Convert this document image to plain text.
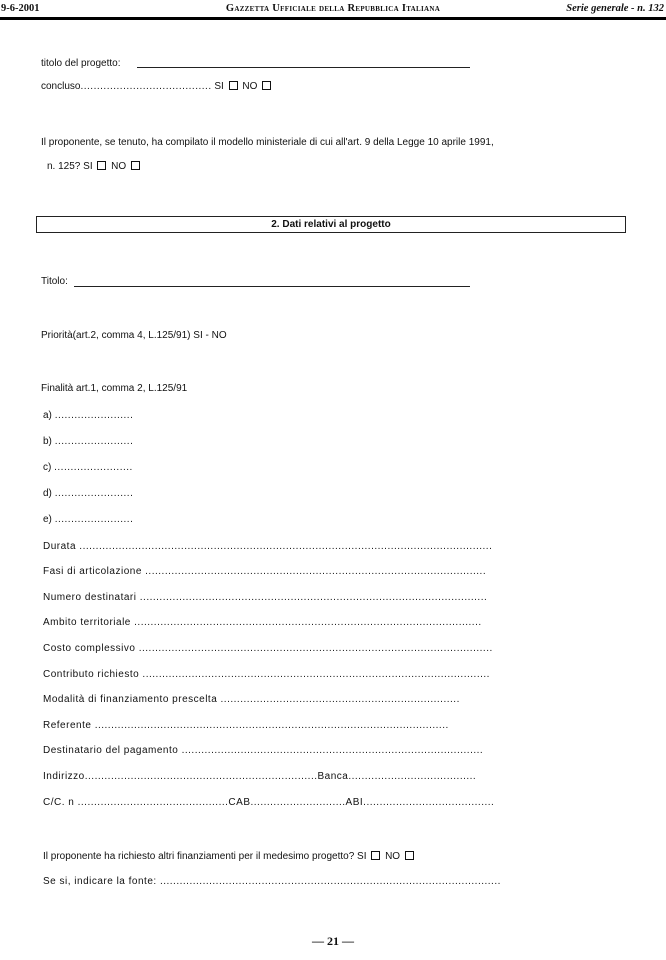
9-6-2001	Gazzetta Ufficiale della Repubblica Italiana	Serie generale - n. 132
titolo del progetto:
concluso........................................ SI NO
Il proponente, se tenuto, ha compilato il modello ministeriale di cui all'art. 9 della Legge 10 aprile 1991,
n. 125? SI NO
2. Dati relativi al progetto
Titolo:
Priorità(art.2, comma 4, L.125/91) SI - NO
Finalità art.1, comma 2, L.125/91
a) ........................
b) ........................
c) ........................
d) ........................
e) ........................
Durata ..............................................................................................................................
Fasi di articolazione ........................................................................................................
Numero destinatari ..........................................................................................................
Ambito territoriale ..........................................................................................................
Costo complessivo ............................................................................................................
Contributo richiesto ..........................................................................................................
Modalità di finanziamento prescelta .........................................................................
Referente ............................................................................................................
Destinatario del pagamento ............................................................................................
Indirizzo.......................................................................Banca.......................................
C/C. n ..............................................CAB.............................ABI........................................
Il proponente ha richiesto altri finanziamenti per il medesimo progetto? SI NO
Se si, indicare la fonte: ........................................................................................................
— 21 —
